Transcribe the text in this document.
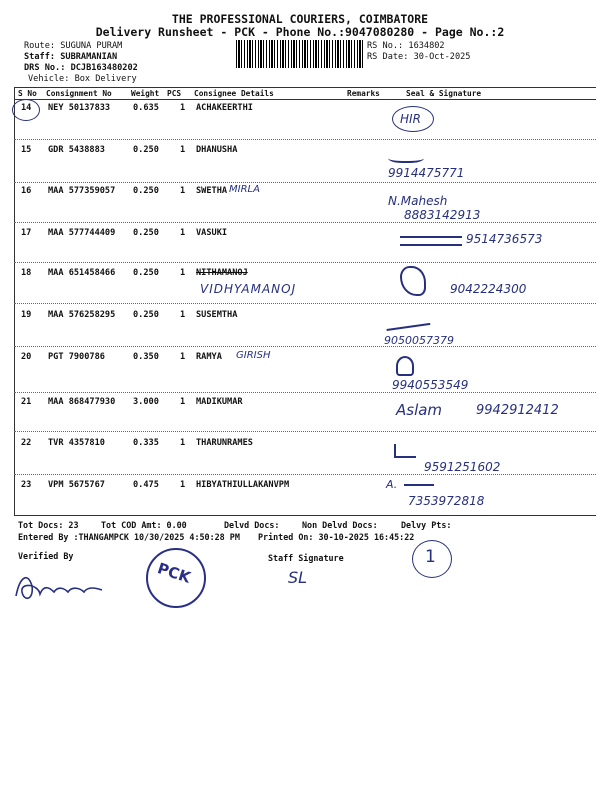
THE PROFESSIONAL COURIERS, COIMBATORE
Delivery Runsheet - PCK - Phone No.:9047080280 - Page No.:2
Route: SUGUNA PURAM
Staff: SUBRAMANIAN
DRS No.: DCJB163480202
Vehicle: Box Delivery
RS No.: 1634802
RS Date: 30-Oct-2025
S No Consignment No Weight PCS Consignee Details	Remarks	Seal & Signature
14 NEY 50137833	0.635 1 ACHAKEERTHI
HIR
15 GDR 5438883	0.250 1 DHANUSHA
9914475771
16 MAA 577359057 0.250 1 SWETHA MIRLA
N.Mahesh
8883142913
17 MAA 577744409 0.250 1 VASUKI	9514736573
18 MAA 651458466 0.250 1 NITHAMANOJ
VIDHYAMANOJ	9042224300
19 MAA 576258295 0.250 1 SUSEMTHA
9050057379
20 PGT 7900786	0.350 1 RAMYA GIRISH
9940553549
21 MAA 868477930 3.000 1 MADIKUMAR	Aslam	9942912412
22 TVR 4357810	0.335 1 THARUNRAMES
9591251602
23 VPM 5675767	0.475 1 HIBYATHIULLAKANVPM	A.
7353972818
Tot Docs: 23	Tot COD Amt: 0.00	Delvd Docs:	Non Delvd Docs:	Delvy Pts:
Entered By :THANGAMPCK 10/30/2025 4:50:28 PM Printed On: 30-10-2025 16:45:22
Verified By	Staff Signature
PCK	SL
1
